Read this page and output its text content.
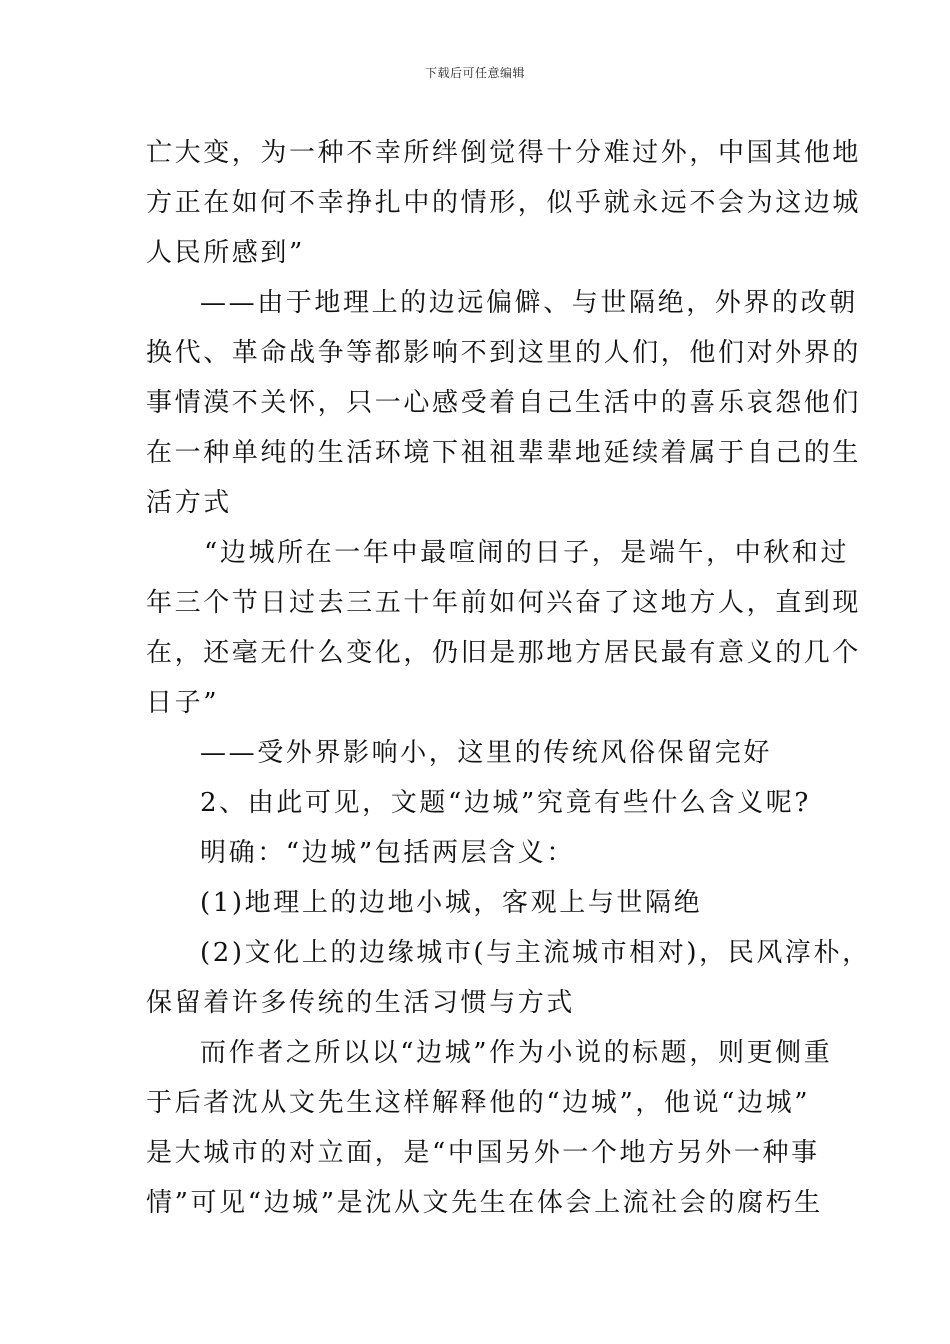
下载后可任意编辑
亡大变，为一种不幸所绊倒觉得十分难过外，中国其他地
方正在如何不幸挣扎中的情形，似乎就永远不会为这边城
人民所感到”
——由于地理上的边远偏僻、与世隔绝，外界的改朝
换代、革命战争等都影响不到这里的人们，他们对外界的
事情漠不关怀，只一心感受着自己生活中的喜乐哀怨他们
在一种单纯的生活环境下祖祖辈辈地延续着属于自己的生
活方式
“边城所在一年中最喧闹的日子，是端午，中秋和过
年三个节日过去三五十年前如何兴奋了这地方人，直到现
在，还毫无什么变化，仍旧是那地方居民最有意义的几个
日子”
——受外界影响小，这里的传统风俗保留完好
2、由此可见，文题“边城”究竟有些什么含义呢?
明确：“边城”包括两层含义：
(1)地理上的边地小城，客观上与世隔绝
(2)文化上的边缘城市(与主流城市相对)，民风淳朴，
保留着许多传统的生活习惯与方式
而作者之所以以“边城”作为小说的标题，则更侧重
于后者沈从文先生这样解释他的“边城”，他说“边城”
是大城市的对立面，是“中国另外一个地方另外一种事
情”可见“边城”是沈从文先生在体会上流社会的腐朽生
